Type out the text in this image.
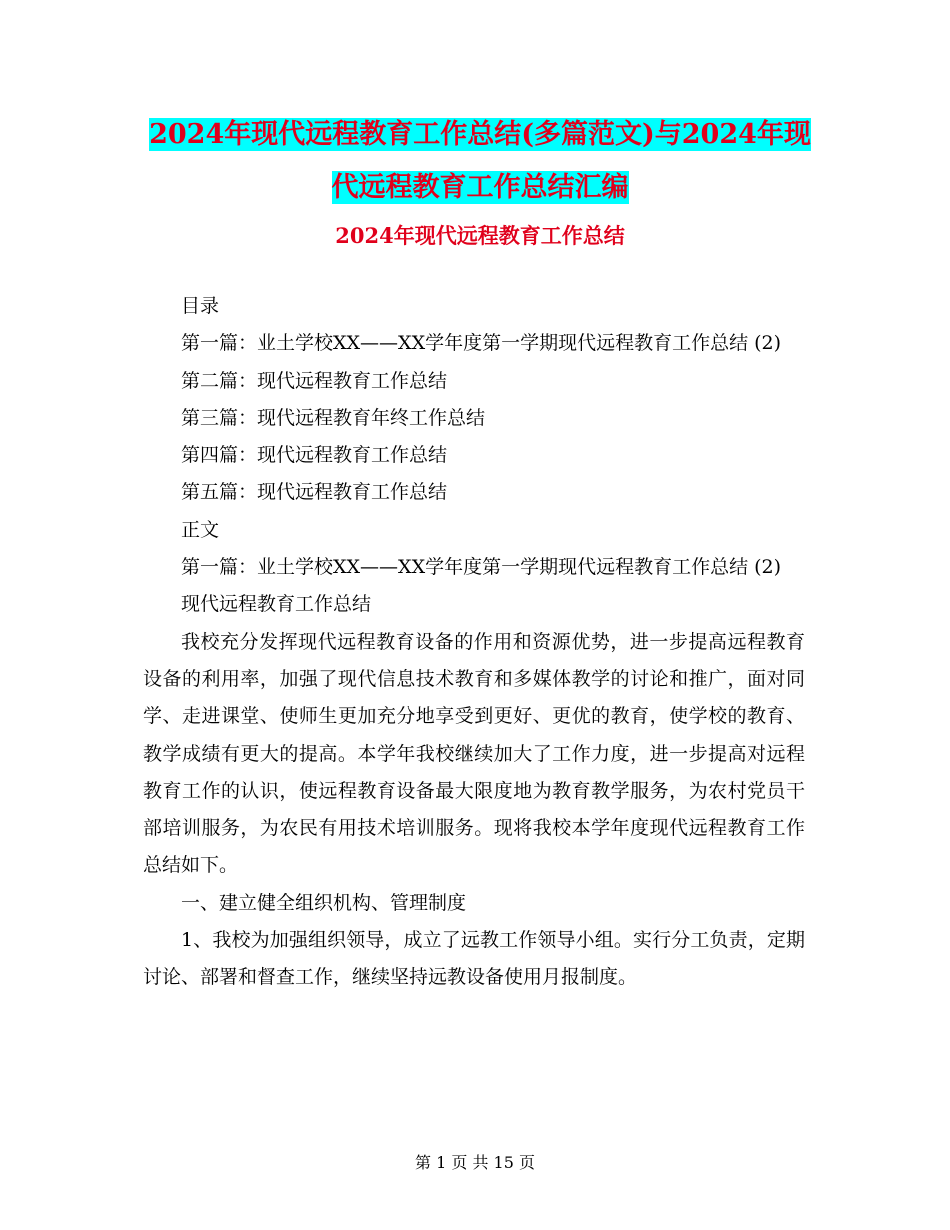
2024年现代远程教育工作总结(多篇范文)与2024年现
代远程教育工作总结汇编
2024年现代远程教育工作总结

目录

第一篇：业土学校XX——XX学年度第一学期现代远程教育工作总结 (2)

第二篇：现代远程教育工作总结

第三篇：现代远程教育年终工作总结

第四篇：现代远程教育工作总结

第五篇：现代远程教育工作总结

正文

第一篇：业土学校XX——XX学年度第一学期现代远程教育工作总结 (2)

现代远程教育工作总结

我校充分发挥现代远程教育设备的作用和资源优势，进一步提高远程教育设备的利用率，加强了现代信息技术教育和多媒体教学的讨论和推广，面对同学、走进课堂、使师生更加充分地享受到更好、更优的教育，使学校的教育、教学成绩有更大的提高。本学年我校继续加大了工作力度，进一步提高对远程教育工作的认识，使远程教育设备最大限度地为教育教学服务，为农村党员干部培训服务，为农民有用技术培训服务。现将我校本学年度现代远程教育工作总结如下。

一、建立健全组织机构、管理制度

1、我校为加强组织领导，成立了远教工作领导小组。实行分工负责，定期讨论、部署和督查工作，继续坚持远教设备使用月报制度。

第 1 页 共 15 页
